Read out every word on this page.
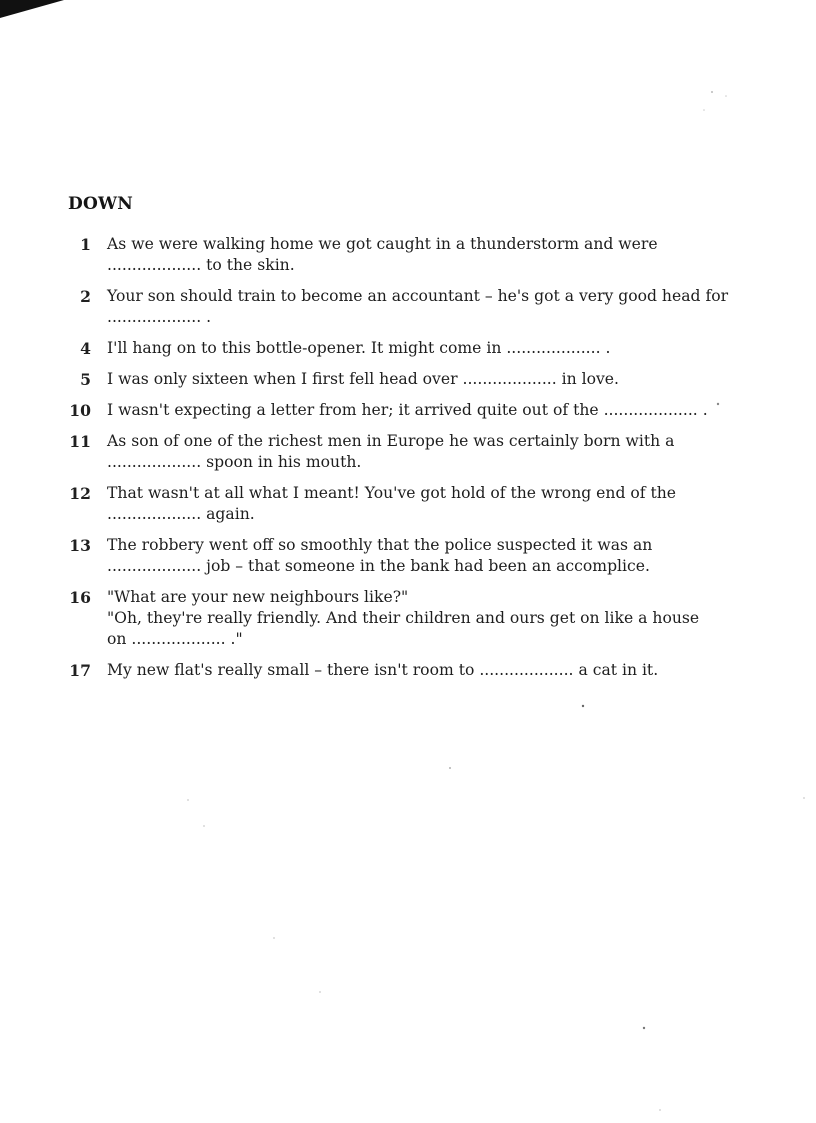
DOWN
1 As we were walking home we got caught in a thunderstorm and were
................... to the skin.
2 Your son should train to become an accountant – he's got a very good head for
................... .
4 I'll hang on to this bottle-opener. It might come in ................... .
5 I was only sixteen when I first fell head over ................... in love.
10 I wasn't expecting a letter from her; it arrived quite out of the ................... .
11 As son of one of the richest men in Europe he was certainly born with a
................... spoon in his mouth.
12 That wasn't at all what I meant! You've got hold of the wrong end of the
................... again.
13 The robbery went off so smoothly that the police suspected it was an
................... job – that someone in the bank had been an accomplice.
16 "What are your new neighbours like?"
"Oh, they're really friendly. And their children and ours get on like a house
on ................... ."
17 My new flat's really small – there isn't room to ................... a cat in it.
